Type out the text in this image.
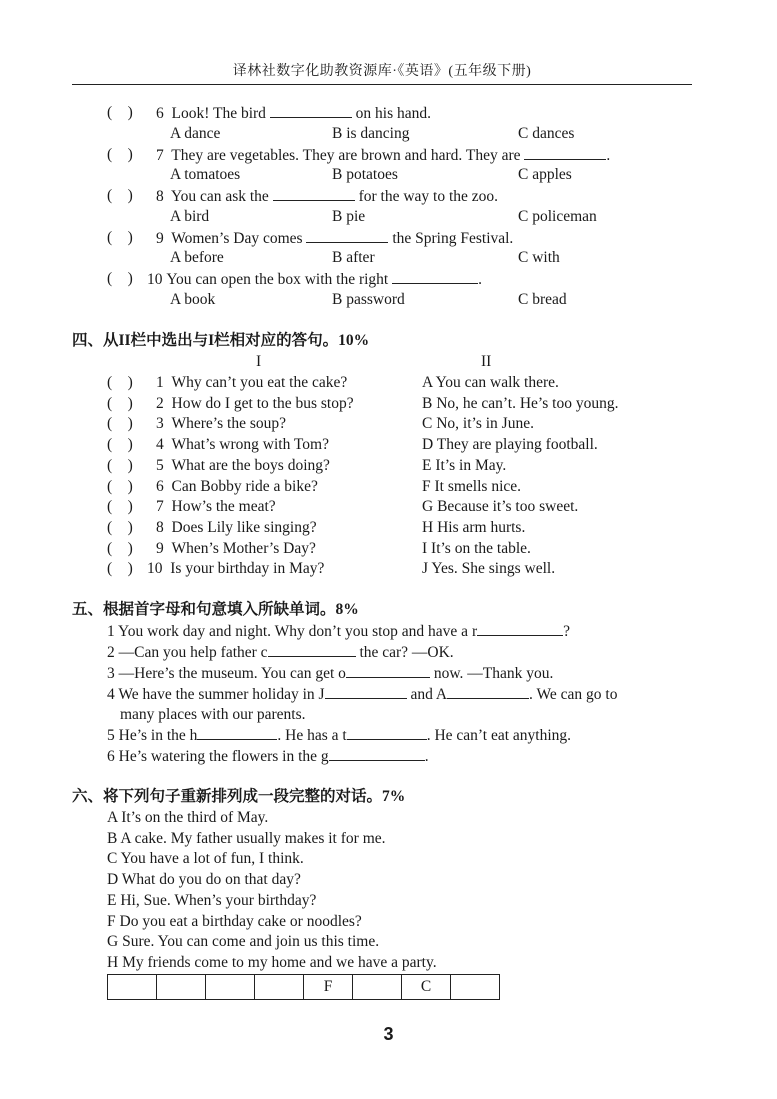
译林社数字化助教资源库·《英语》(五年级下册)
(    ) 6 Look! The bird	on his hand.
A dance	B is dancing	C dances
(    ) 7 They are vegetables. They are brown and hard. They are	.
A tomatoes	B potatoes	C apples
(    ) 8 You can ask the	for the way to the zoo.
A bird	B pie	C policeman
(    ) 9 Women’s Day comes	the Spring Festival.
A before	B after	C with
(    ) 10 You can open the box with the right	.
A book	B password	C bread
四、从II栏中选出与I栏相对应的答句。10%
I	II
(    ) 1 Why can’t you eat the cake?	A You can walk there.
(    ) 2 How do I get to the bus stop?	B No, he can’t. He’s too young.
(    ) 3 Where’s the soup?	C No, it’s in June.
(    ) 4 What’s wrong with Tom?	D They are playing football.
(    ) 5 What are the boys doing?	E It’s in May.
(    ) 6 Can Bobby ride a bike?	F It smells nice.
(    ) 7 How’s the meat?	G Because it’s too sweet.
(    ) 8 Does Lily like singing?	H His arm hurts.
(    ) 9 When’s Mother’s Day?	I It’s on the table.
(    ) 10 Is your birthday in May?	J Yes. She sings well.
五、根据首字母和句意填入所缺单词。8%
1 You work day and night. Why don’t you stop and have a r	?
2 —Can you help father c	the car? —OK.
3 —Here’s the museum. You can get o	now. —Thank you.
4 We have the summer holiday in J	and A	. We can go to
many places with our parents.
5 He’s in the h	. He has a t	. He can’t eat anything.
6 He’s watering the flowers in the g	.
六、将下列句子重新排列成一段完整的对话。7%
A It’s on the third of May.
B A cake. My father usually makes it for me.
C You have a lot of fun, I think.
D What do you do on that day?
E Hi, Sue. When’s your birthday?
F Do you eat a birthday cake or noodles?
G Sure. You can come and join us this time.
H My friends come to my home and we have a party.
				F		C	
3
